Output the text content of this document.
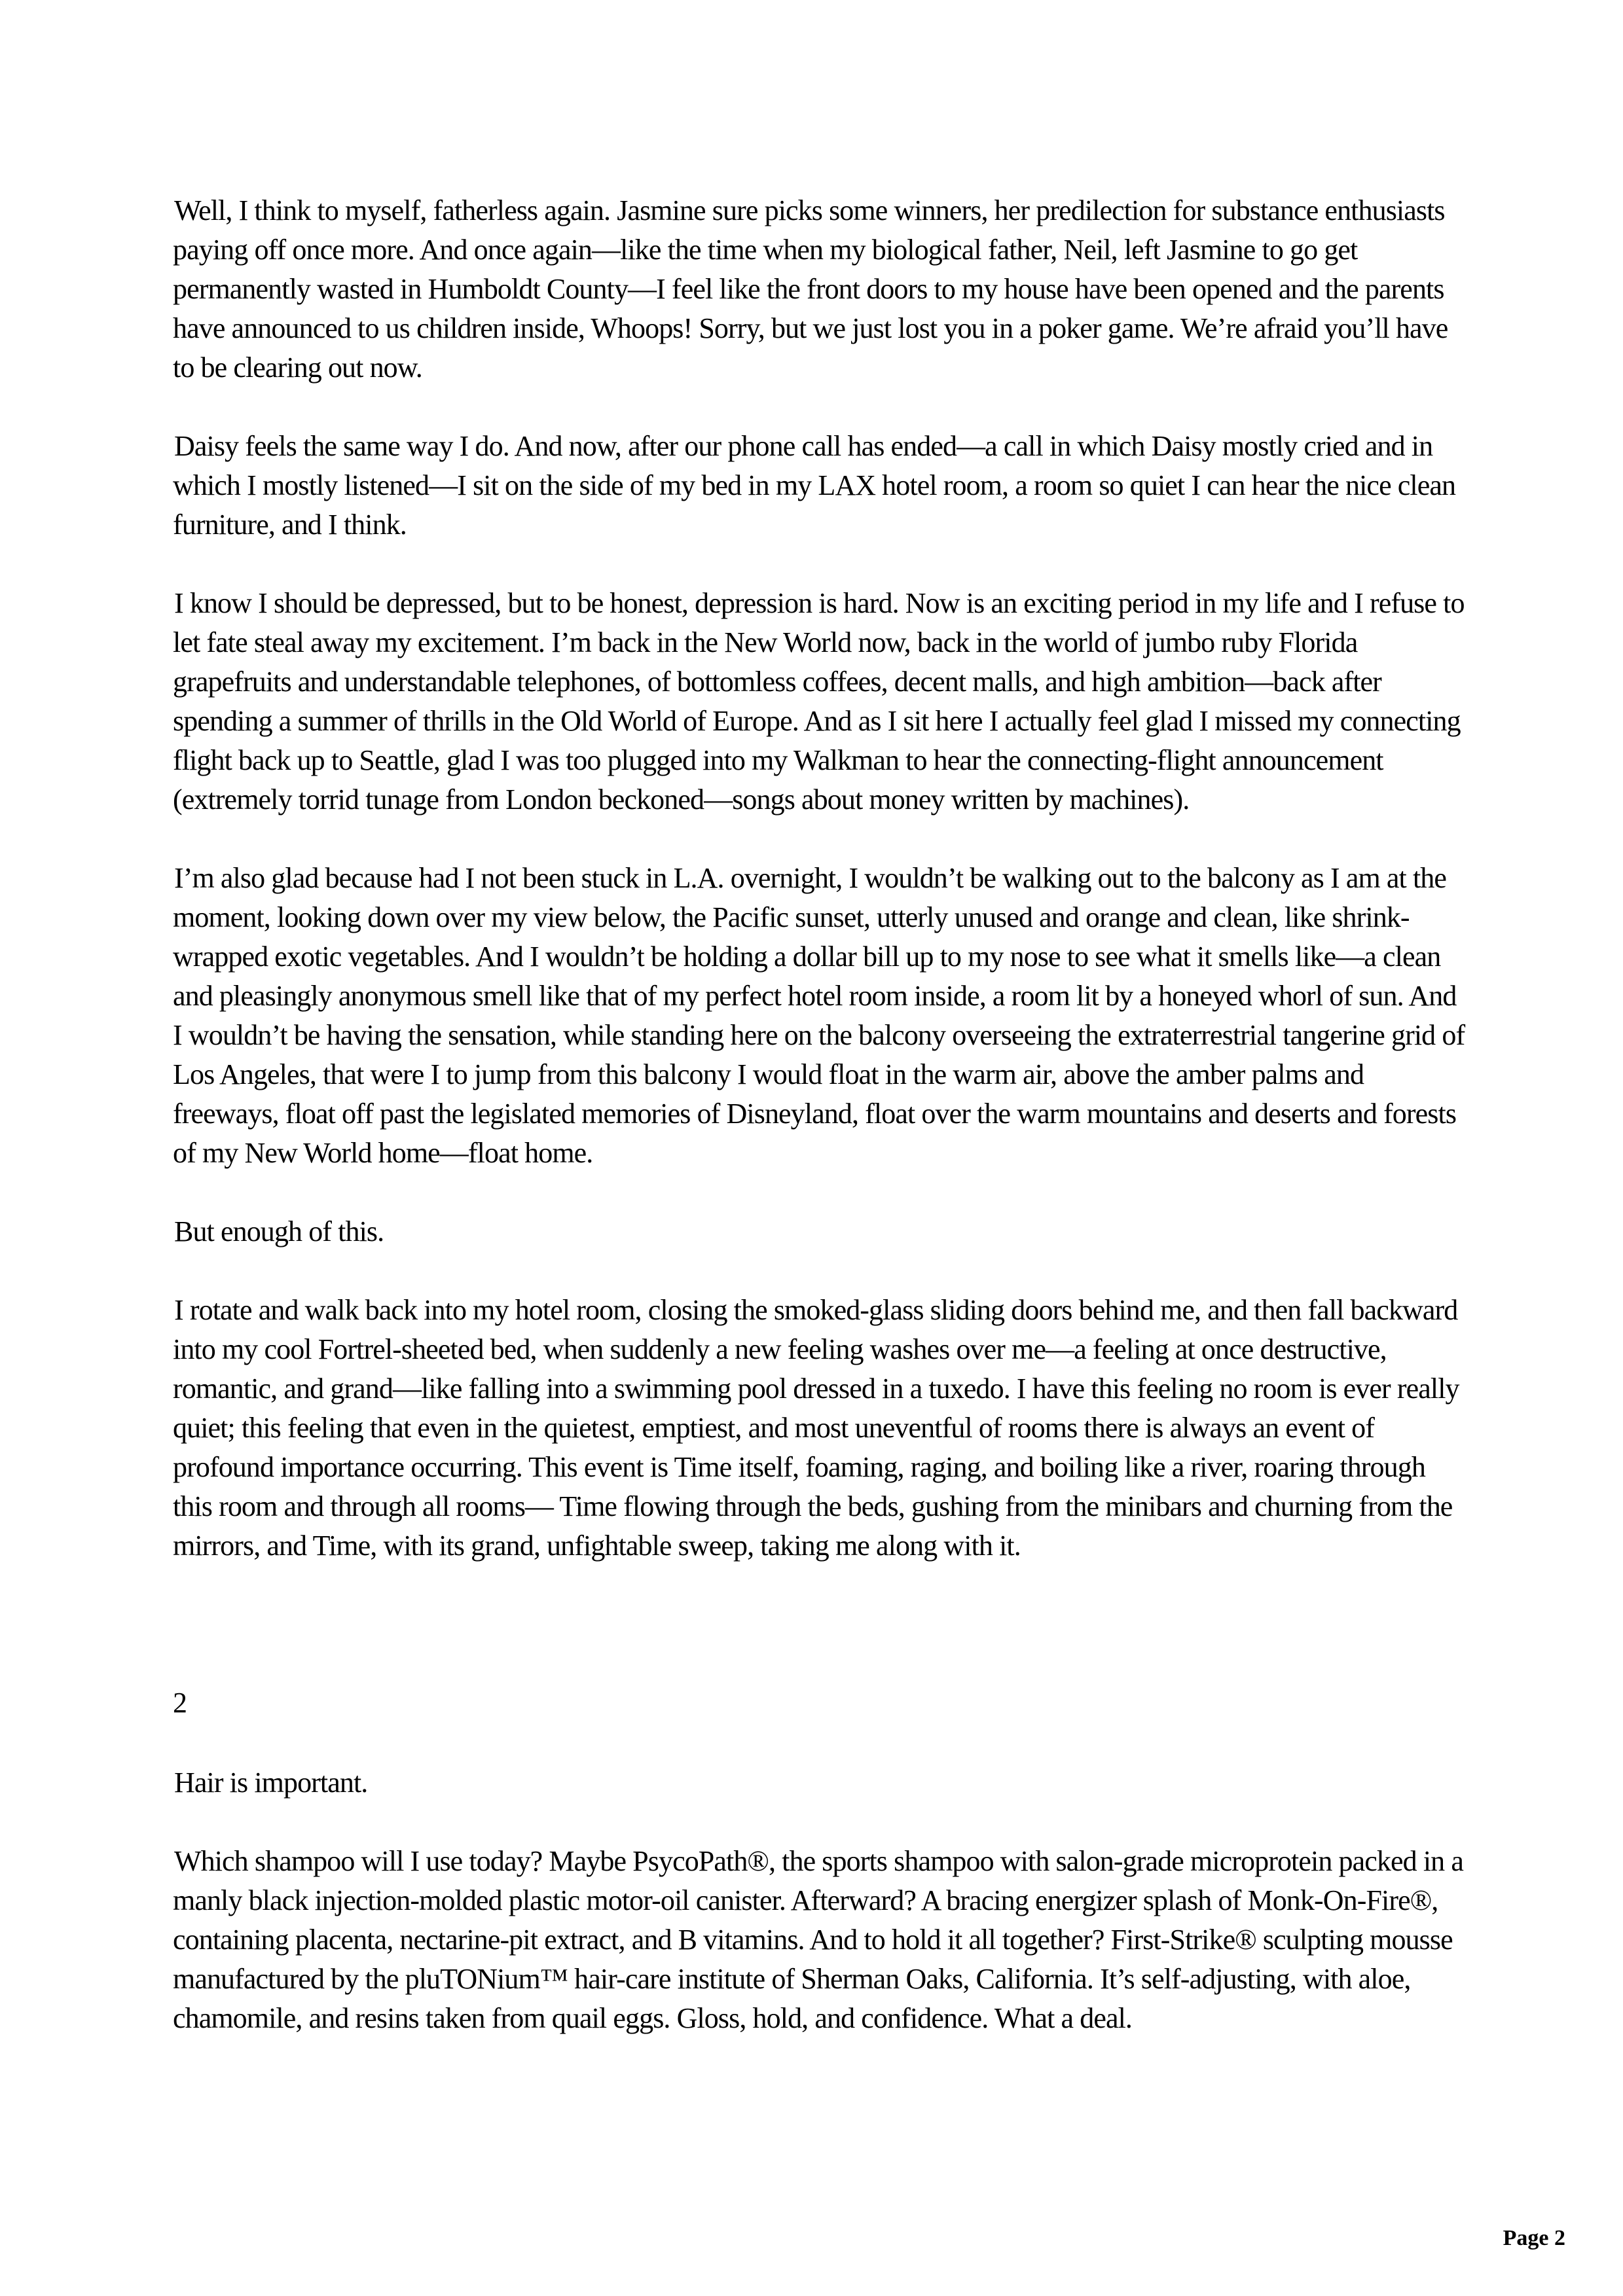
Well, I think to myself, fatherless again. Jasmine sure picks some winners, her predilection for substance enthusiasts paying off once more. And once again—like the time when my biological father, Neil, left Jasmine to go get permanently wasted in Humboldt County—I feel like the front doors to my house have been opened and the parents have announced to us children inside, Whoops! Sorry, but we just lost you in a poker game. We’re afraid you’ll have to be clearing out now.

Daisy feels the same way I do. And now, after our phone call has ended—a call in which Daisy mostly cried and in which I mostly listened—I sit on the side of my bed in my LAX hotel room, a room so quiet I can hear the nice clean furniture, and I think.

I know I should be depressed, but to be honest, depression is hard. Now is an exciting period in my life and I refuse to let fate steal away my excitement. I’m back in the New World now, back in the world of jumbo ruby Florida grapefruits and understandable telephones, of bottomless coffees, decent malls, and high ambition—back after spending a summer of thrills in the Old World of Europe. And as I sit here I actually feel glad I missed my connecting flight back up to Seattle, glad I was too plugged into my Walkman to hear the connecting-flight announcement (extremely torrid tunage from London beckoned—songs about money written by machines).

I’m also glad because had I not been stuck in L.A. overnight, I wouldn’t be walking out to the balcony as I am at the moment, looking down over my view below, the Pacific sunset, utterly unused and orange and clean, like shrink-wrapped exotic vegetables. And I wouldn’t be holding a dollar bill up to my nose to see what it smells like—a clean and pleasingly anonymous smell like that of my perfect hotel room inside, a room lit by a honeyed whorl of sun. And I wouldn’t be having the sensation, while standing here on the balcony overseeing the extraterrestrial tangerine grid of Los Angeles, that were I to jump from this balcony I would float in the warm air, above the amber palms and freeways, float off past the legislated memories of Disneyland, float over the warm mountains and deserts and forests of my New World home—float home.

But enough of this.

I rotate and walk back into my hotel room, closing the smoked-glass sliding doors behind me, and then fall backward into my cool Fortrel-sheeted bed, when suddenly a new feeling washes over me—a feeling at once destructive, romantic, and grand—like falling into a swimming pool dressed in a tuxedo. I have this feeling no room is ever really quiet; this feeling that even in the quietest, emptiest, and most uneventful of rooms there is always an event of profound importance occurring. This event is Time itself, foaming, raging, and boiling like a river, roaring through this room and through all rooms— Time flowing through the beds, gushing from the minibars and churning from the mirrors, and Time, with its grand, unfightable sweep, taking me along with it.

2

Hair is important.

Which shampoo will I use today? Maybe PsycoPath®, the sports shampoo with salon-grade microprotein packed in a manly black injection-molded plastic motor-oil canister. Afterward? A bracing energizer splash of Monk-On-Fire®, containing placenta, nectarine-pit extract, and B vitamins. And to hold it all together? First-Strike® sculpting mousse manufactured by the pluTONium™ hair-care institute of Sherman Oaks, California. It’s self-adjusting, with aloe, chamomile, and resins taken from quail eggs. Gloss, hold, and confidence. What a deal.

Page 2
